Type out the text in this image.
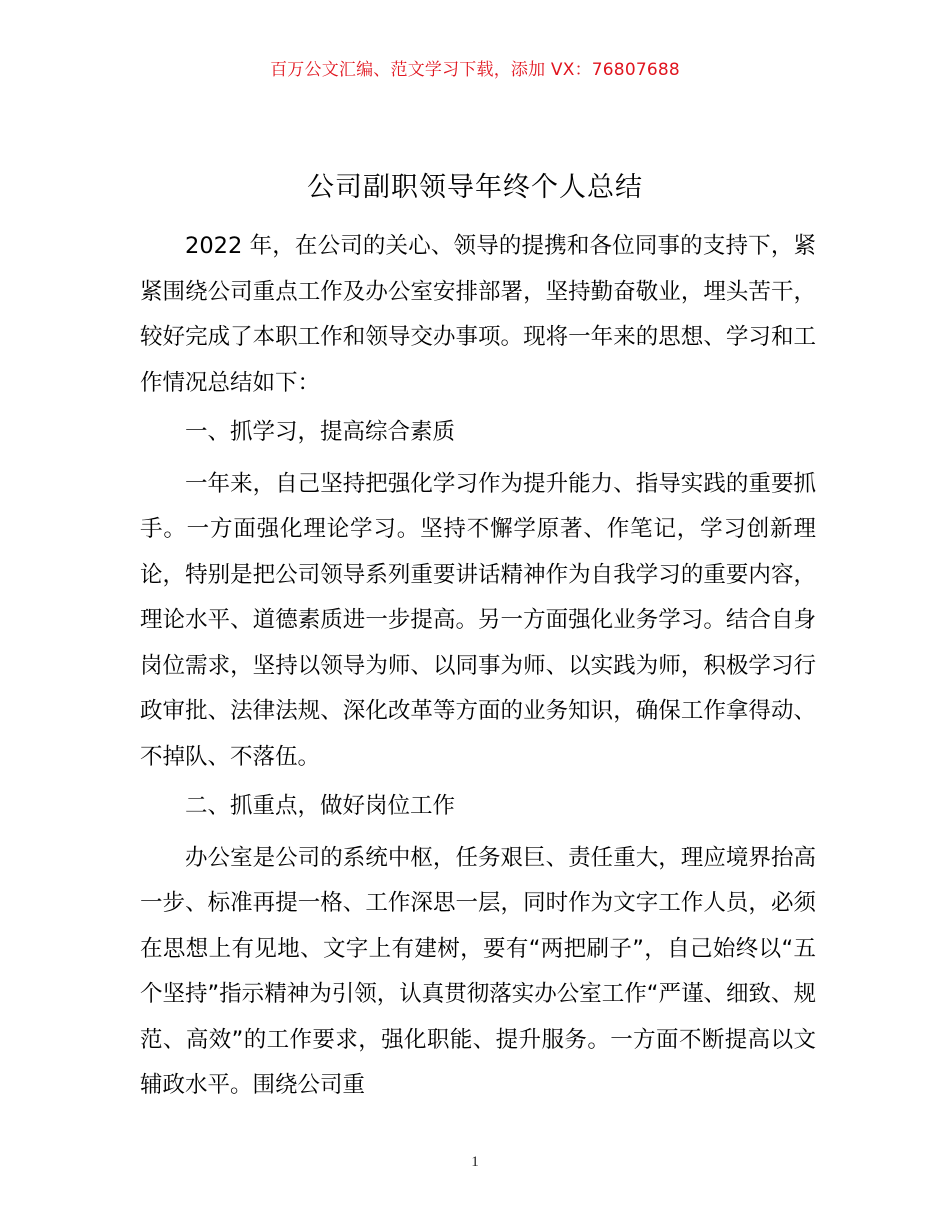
百万公文汇编、范文学习下载，添加 VX：76807688
公司副职领导年终个人总结

2022 年，在公司的关心、领导的提携和各位同事的支持下，紧紧围绕公司重点工作及办公室安排部署，坚持勤奋敬业，埋头苦干，较好完成了本职工作和领导交办事项。现将一年来的思想、学习和工作情况总结如下：

一、抓学习，提高综合素质

一年来，自己坚持把强化学习作为提升能力、指导实践的重要抓手。一方面强化理论学习。坚持不懈学原著、作笔记，学习创新理论，特别是把公司领导系列重要讲话精神作为自我学习的重要内容，理论水平、道德素质进一步提高。另一方面强化业务学习。结合自身岗位需求，坚持以领导为师、以同事为师、以实践为师，积极学习行政审批、法律法规、深化改革等方面的业务知识，确保工作拿得动、不掉队、不落伍。

二、抓重点，做好岗位工作

办公室是公司的系统中枢，任务艰巨、责任重大，理应境界抬高一步、标准再提一格、工作深思一层，同时作为文字工作人员，必须在思想上有见地、文字上有建树，要有“两把刷子”，自己始终以“五个坚持”指示精神为引领，认真贯彻落实办公室工作“严谨、细致、规范、高效”的工作要求，强化职能、提升服务。一方面不断提高以文辅政水平。围绕公司重

1
